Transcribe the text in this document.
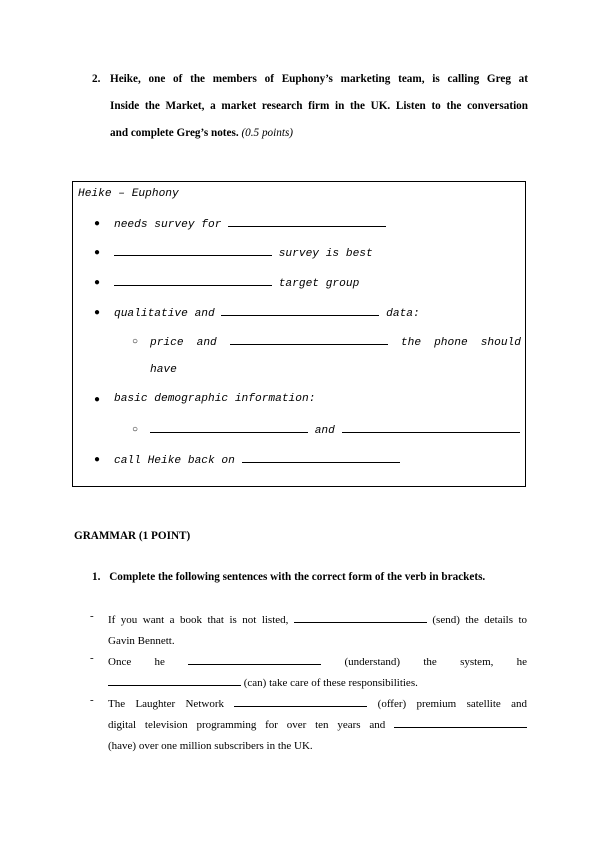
2. Heike, one of the members of Euphony’s marketing team, is calling Greg at
Inside the Market, a market research firm in the UK. Listen to the conversation
and complete Greg’s notes. (0.5 points)
Heike – Euphony
● needs survey for
●	survey is best
●	target group
● qualitative and	data:
○ price and	the phone should
have
● basic demographic information:
○	and
● call Heike back on
GRAMMAR (1 POINT)
1. Complete the following sentences with the correct form of the verb in brackets.
- If you want a book that is not listed,	(send) the details to
Gavin Bennett.
- Once he	(understand) the system, he
(can) take care of these responsibilities.
- The Laughter Network	(offer) premium satellite and
digital television programming for over ten years and
(have) over one million subscribers in the UK.
